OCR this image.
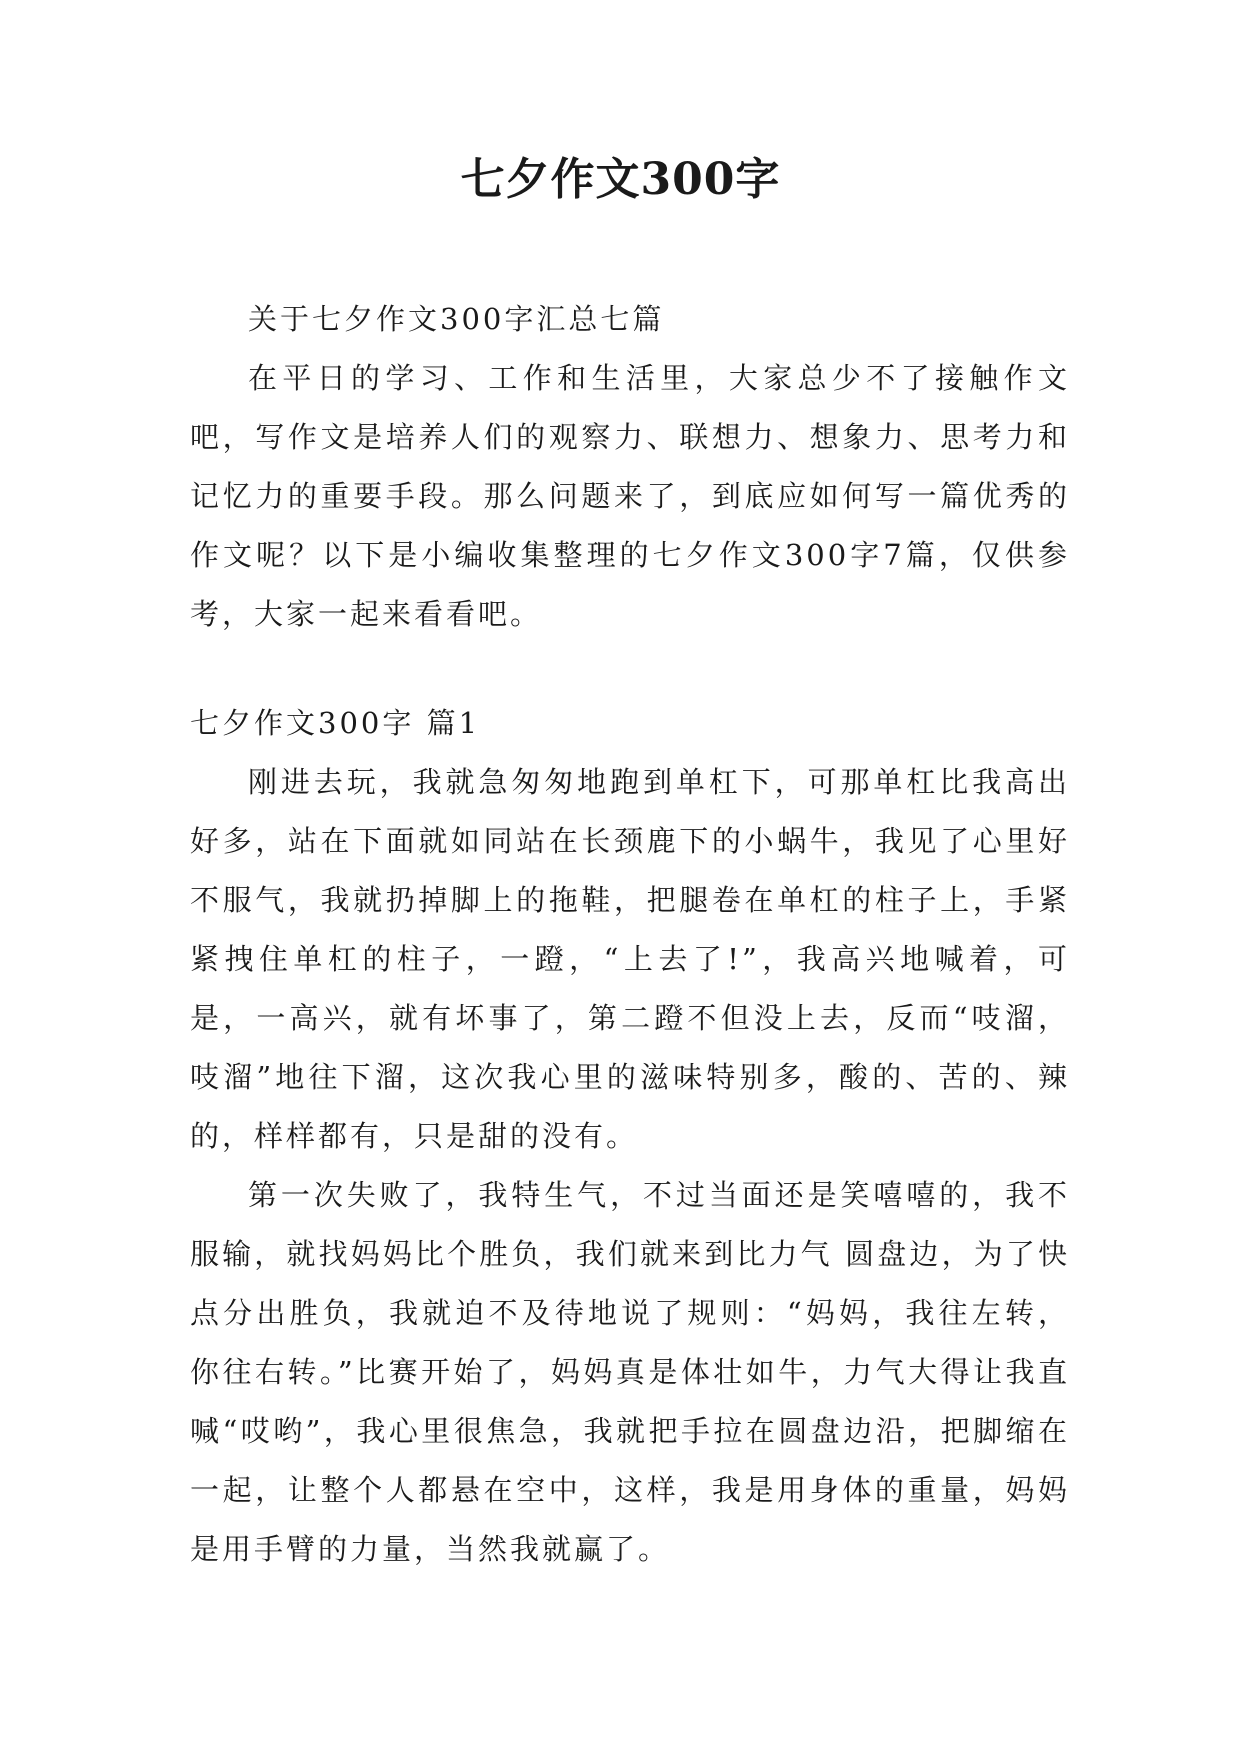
七夕作文300字

关于七夕作文300字汇总七篇

在平日的学习、工作和生活里，大家总少不了接触作文吧，写作文是培养人们的观察力、联想力、想象力、思考力和记忆力的重要手段。那么问题来了，到底应如何写一篇优秀的作文呢？以下是小编收集整理的七夕作文300字7篇，仅供参考，大家一起来看看吧。

七夕作文300字 篇1

刚进去玩，我就急匆匆地跑到单杠下，可那单杠比我高出好多，站在下面就如同站在长颈鹿下的小蜗牛，我见了心里好不服气，我就扔掉脚上的拖鞋，把腿卷在单杠的柱子上，手紧紧拽住单杠的柱子，一蹬，“上去了!”，我高兴地喊着，可是，一高兴，就有坏事了，第二蹬不但没上去，反而“吱溜，吱溜”地往下溜，这次我心里的滋味特别多，酸的、苦的、辣的，样样都有，只是甜的没有。

第一次失败了，我特生气，不过当面还是笑嘻嘻的，我不服输，就找妈妈比个胜负，我们就来到比力气 圆盘边，为了快点分出胜负，我就迫不及待地说了规则：“妈妈，我往左转，你往右转。”比赛开始了，妈妈真是体壮如牛，力气大得让我直喊“哎哟”，我心里很焦急，我就把手拉在圆盘边沿，把脚缩在一起，让整个人都悬在空中，这样，我是用身体的重量，妈妈是用手臂的力量，当然我就赢了。
